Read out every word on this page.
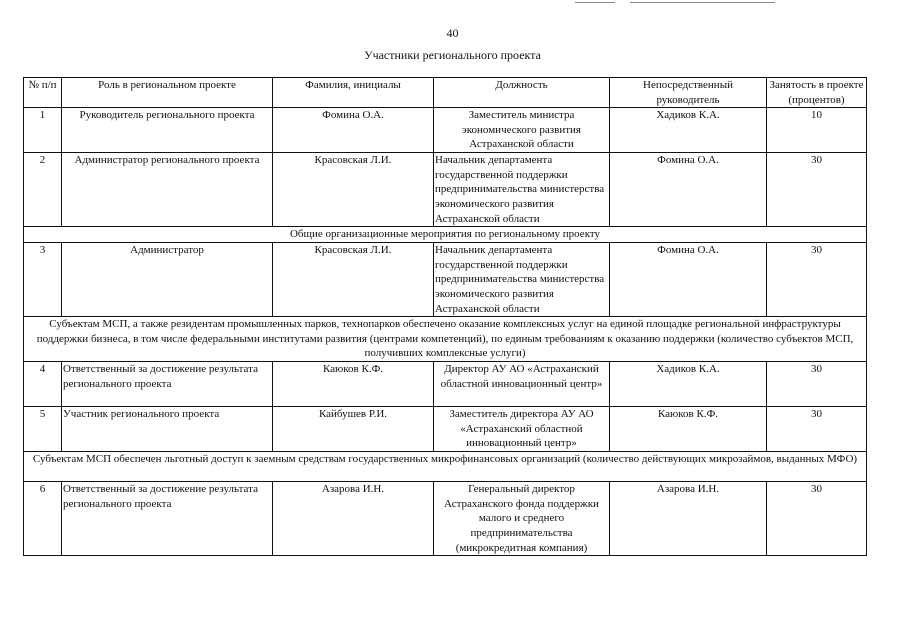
40
Участники регионального проекта
№ п/п	Роль в региональном проекте	Фамилия, инициалы	Должность	Непосредственный руководитель	Занятость в проекте (процентов)
1	Руководитель регионального проекта	Фомина О.А.	Заместитель министра экономического развития Астраханской области	Хадиков К.А.	10
2	Администратор регионального проекта	Красовская Л.И.	Начальник департамента государственной поддержки предпринимательства министерства экономического развития Астраханской области	Фомина О.А.	30
Общие организационные мероприятия по региональному проекту					
3	Администратор	Красовская Л.И.	Начальник департамента государственной поддержки предпринимательства министерства экономического развития Астраханской области	Фомина О.А.	30
Субъектам МСП, а также резидентам промышленных парков, технопарков обеспечено оказание комплексных услуг на единой площадке региональной инфраструктуры поддержки бизнеса, в том числе федеральными институтами развития (центрами компетенций), по единым требованиям к оказанию поддержки (количество субъектов МСП, получивших комплексные услуги)					
4	Ответственный за достижение результата регионального проекта	Каюков К.Ф.	Директор АУ АО «Астраханский областной инновационный центр»	Хадиков К.А.	30
5	Участник регионального проекта	Кайбушев Р.И.	Заместитель директора АУ АО «Астраханский областной инновационный центр»	Каюков К.Ф.	30
Субъектам МСП обеспечен льготный доступ к заемным средствам государственных микрофинансовых организаций (количество действующих микрозаймов, выданных МФО)					
6	Ответственный за достижение результата регионального проекта	Азарова И.Н.	Генеральный директор Астраханского фонда поддержки малого и среднего предпринимательства (микрокредитная компания)	Азарова И.Н.	30
